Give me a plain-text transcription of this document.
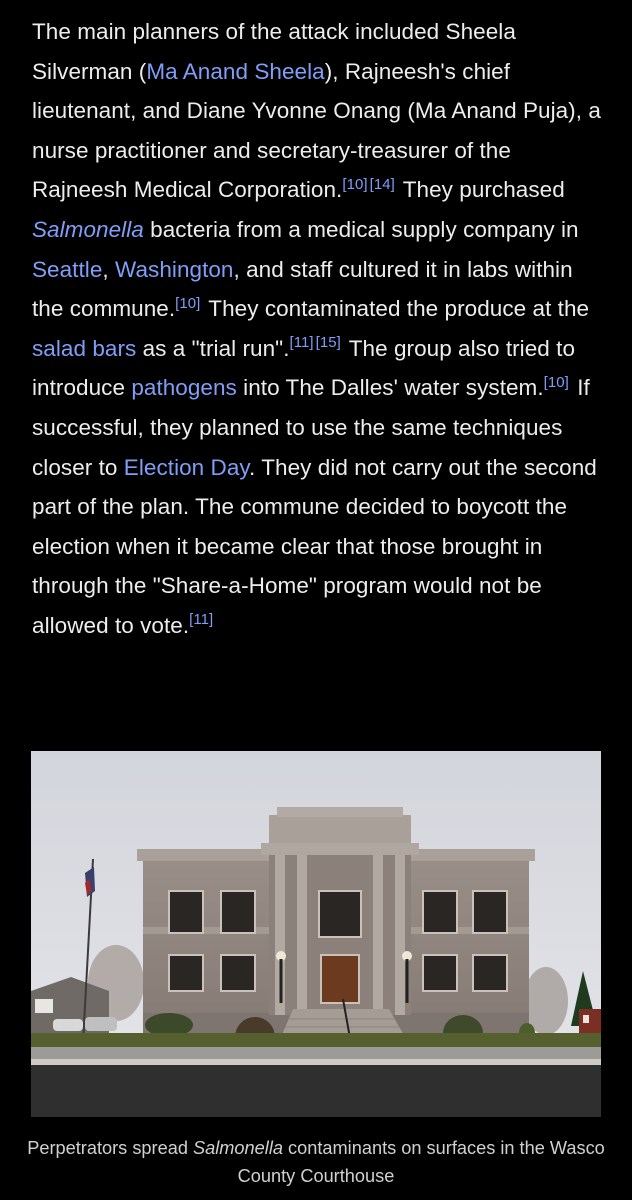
The main planners of the attack included Sheela Silverman (Ma Anand Sheela), Rajneesh's chief lieutenant, and Diane Yvonne Onang (Ma Anand Puja), a nurse practitioner and secretary-treasurer of the Rajneesh Medical Corporation.[10] [14] They purchased Salmonella bacteria from a medical supply company in Seattle, Washington, and staff cultured it in labs within the commune.[10] They contaminated the produce at the salad bars as a "trial run".[11] [15] The group also tried to introduce pathogens into The Dalles' water system.[10] If successful, they planned to use the same techniques closer to Election Day. They did not carry out the second part of the plan. The commune decided to boycott the election when it became clear that those brought in through the "Share-a-Home" program would not be allowed to vote.[11]

Perpetrators spread Salmonella contaminants on surfaces in the Wasco County Courthouse
